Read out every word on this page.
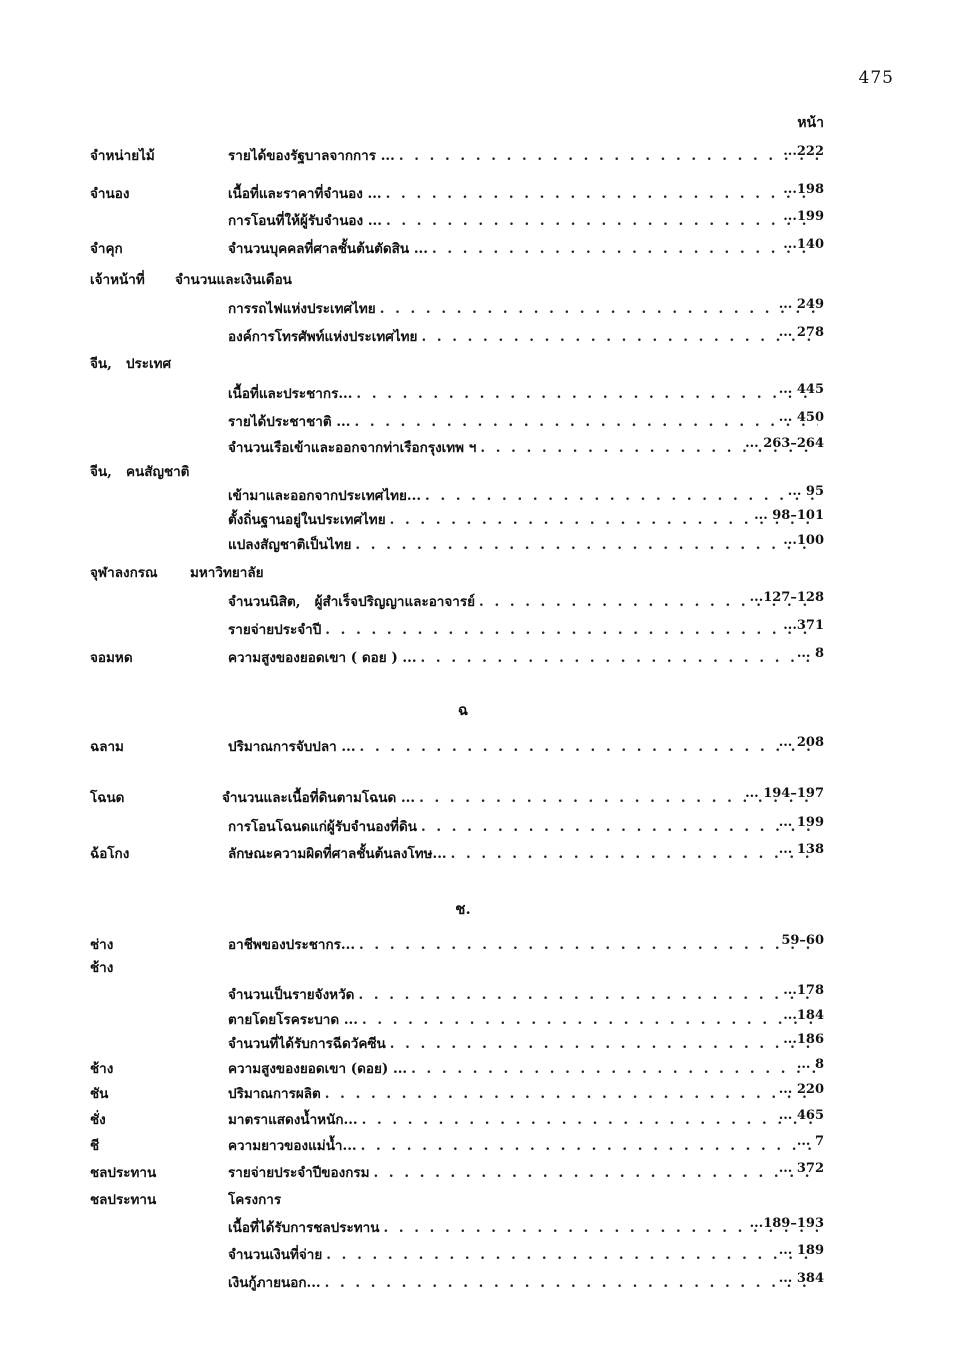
475
หน้า
จำหน่ายไม้	รายได้ของรัฐบาลจากการ ... . . .	...222
จำนอง	เนื้อที่และราคาที่จำนอง ... . . .	...198
การโอนที่ให้ผู้รับจำนอง ... . . .	...199
จำคุก	จำนวนบุคคลที่ศาลชั้นต้นตัดสิน ... . . .	...140
เจ้าหน้าที่ จำนวนและเงินเดือน
การรถไฟแห่งประเทศไทย . . .	... 249
องค์การโทรศัพท์แห่งประเทศไทย . . .	... 278
จีน,   ประเทศ
เนื้อที่และประชากร... . . .	... 445
รายได้ประชาชาติ ... . . .	... 450
จำนวนเรือเข้าและออกจากท่าเรือกรุงเทพ ฯ . . .	... 263–264
จีน,   คนสัญชาติ
เข้ามาและออกจากประเทศไทย... . . .	... 95
ตั้งถิ่นฐานอยู่ในประเทศไทย . . .	... 98–101
แปลงสัญชาติเป็นไทย . . .	...100
จุฬาลงกรณ มหาวิทยาลัย
จำนวนนิสิต,   ผู้สำเร็จปริญญาและอาจารย์ . . .	...127–128
รายจ่ายประจำปี . . .	...371
จอมหด	ความสูงของยอดเขา ( ดอย ) ... . . .	... 8
ฉ
ฉลาม	ปริมาณการจับปลา ... . . .	... 208
โฉนด	จำนวนและเนื้อที่ดินตามโฉนด ... . . .	... 194–197
การโอนโฉนดแก่ผู้รับจำนองที่ดิน . . .	... 199
ฉ้อโกง	ลักษณะความผิดที่ศาลชั้นต้นลงโทษ... . . .	... 138
ช.
ช่าง	อาชีพของประชากร... . . .	59–60
ช้าง
จำนวนเป็นรายจังหวัด . . .	...178
ตายโดยโรคระบาด ... . . .	...184
จำนวนที่ได้รับการฉีดวัคซีน . . .	...186
ช้าง	ความสูงของยอดเขา (ดอย) ... . . .	... 8
ชัน	ปริมาณการผลิต . . .	... 220
ชั่ง	มาตราแสดงน้ำหนัก... . . .	... 465
ชี	ความยาวของแม่น้ำ... . . .	... 7
ชลประทาน	รายจ่ายประจำปีของกรม . . .	... 372
ชลประทาน	โครงการ
เนื้อที่ได้รับการชลประทาน . . .	...189–193
จำนวนเงินที่จ่าย . . .	... 189
เงินกู้ภายนอก... . . .	... 384
